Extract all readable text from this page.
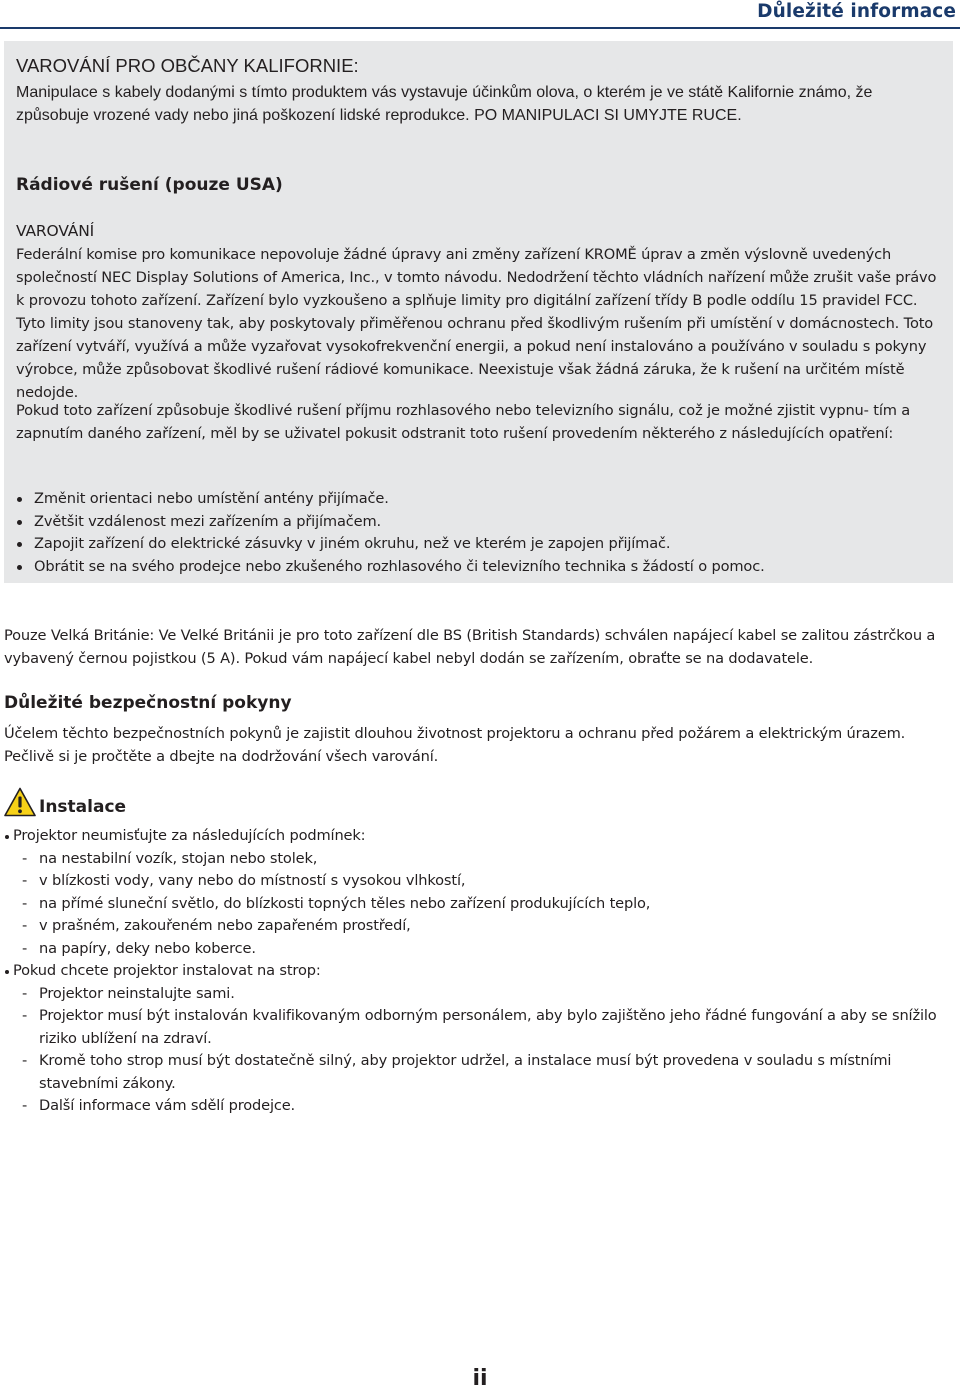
Důležité informace
VAROVÁNÍ PRO OBČANY KALIFORNIE:

Manipulace s kabely dodanými s tímto produktem vás vystavuje účinkům olova, o kterém je ve státě Kalifornie známo, že způsobuje vrozené vady nebo jiná poškození lidské reprodukce. PO MANIPULACI SI UMYJTE RUCE.

Rádiové rušení (pouze USA)
VAROVÁNÍ

Federální komise pro komunikace nepovoluje žádné úpravy ani změny zařízení KROMĚ úprav a změn výslovně uvedených společností NEC Display Solutions of America, Inc., v tomto návodu. Nedodržení těchto vládních nařízení může zrušit vaše právo k provozu tohoto zařízení. Zařízení bylo vyzkoušeno a splňuje limity pro digitální zařízení třídy B podle oddílu 15 pravidel FCC. Tyto limity jsou stanoveny tak, aby poskytovaly přiměřenou ochranu před škodlivým rušením při umístění v domácnostech. Toto zařízení vytváří, využívá a může vyzařovat vysokofrekvenční energii, a pokud není instalováno a používáno v souladu s pokyny výrobce, může způsobovat škodlivé rušení rádiové komunikace. Neexistuje však žádná záruka, že k rušení na určitém místě nedojde.

Pokud toto zařízení způsobuje škodlivé rušení příjmu rozhlasového nebo televizního signálu, což je možné zjistit vypnu- tím a zapnutím daného zařízení, měl by se uživatel pokusit odstranit toto rušení provedením některého z následujících opatření:

Změnit orientaci nebo umístění antény přijímače.
Zvětšit vzdálenost mezi zařízením a přijímačem.
Zapojit zařízení do elektrické zásuvky v jiném okruhu, než ve kterém je zapojen přijímač.
Obrátit se na svého prodejce nebo zkušeného rozhlasového či televizního technika s žádostí o pomoc.

Pouze Velká Británie: Ve Velké Británii je pro toto zařízení dle BS (British Standards) schválen napájecí kabel se zalitou zástrčkou a vybavený černou pojistkou (5 A). Pokud vám napájecí kabel nebyl dodán se zařízením, obraťte se na dodavatele.

Důležité bezpečnostní pokyny

Účelem těchto bezpečnostních pokynů je zajistit dlouhou životnost projektoru a ochranu před požárem a elektrickým úrazem. Pečlivě si je pročtěte a dbejte na dodržování všech varování.

Instalace
Projektor neumisťujte za následujících podmínek:
- na nestabilní vozík, stojan nebo stolek,
- v blízkosti vody, vany nebo do místností s vysokou vlhkostí,
- na přímé sluneční světlo, do blízkosti topných těles nebo zařízení produkujících teplo,
- v prašném, zakouřeném nebo zapařeném prostředí,
- na papíry, deky nebo koberce.
Pokud chcete projektor instalovat na strop:
- Projektor neinstalujte sami.
- Projektor musí být instalován kvalifikovaným odborným personálem, aby bylo zajištěno jeho řádné fungování a aby se snížilo riziko ublížení na zdraví.
- Kromě toho strop musí být dostatečně silný, aby projektor udržel, a instalace musí být provedena v souladu s místními stavebními zákony.
- Další informace vám sdělí prodejce.
ii
